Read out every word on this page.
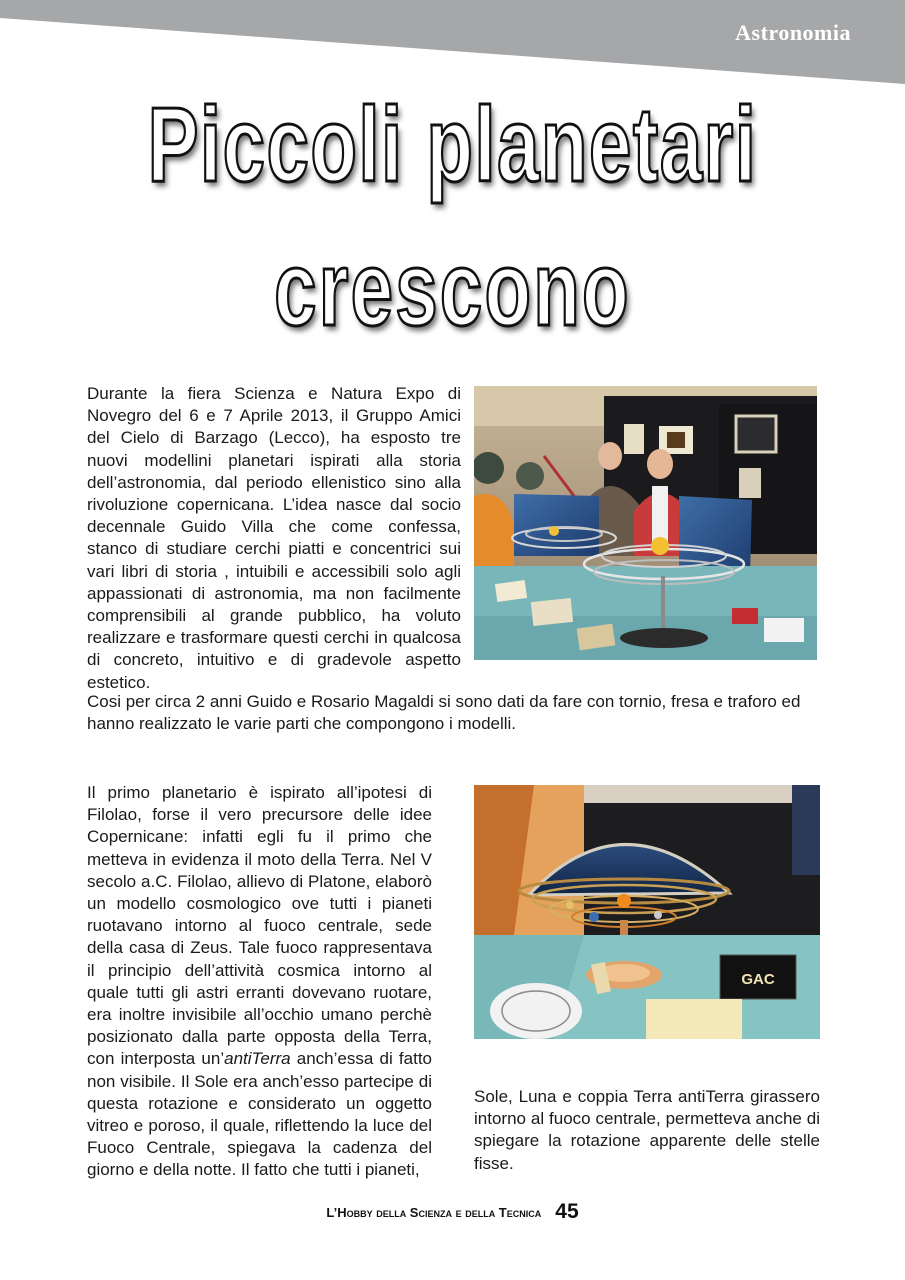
Astronomia
Piccoli planetari
crescono

Durante la fiera Scienza e Natura Expo di Novegro del 6 e 7 Aprile 2013, il Gruppo Amici del Cielo di Barzago (Lecco), ha esposto tre nuovi modellini planetari ispirati alla storia dell’astronomia, dal periodo ellenistico sino alla rivoluzione copernicana. L’idea nasce dal socio decennale Guido Villa che come confessa, stanco di studiare cerchi piatti e concentrici sui vari libri di storia , intuibili e accessibili solo agli appassionati di astronomia, ma non facilmente comprensibili al grande pubblico, ha voluto realizzare e trasformare questi cerchi in qualcosa di concreto, intuitivo e di gradevole aspetto estetico.

Cosi per circa 2 anni Guido e Rosario Magaldi si sono dati da fare con tornio, fresa e traforo ed hanno realizzato le varie parti che compongono i modelli.

Il primo planetario è ispirato all’ipotesi di Filolao, forse il vero precursore delle idee Copernicane: infatti egli fu il primo che metteva in evidenza il moto della Terra. Nel V secolo a.C. Filolao, allievo di Platone, elaborò un modello cosmologico ove tutti i pianeti ruotavano intorno al fuoco centrale, sede della casa di Zeus. Tale fuoco rappresentava il principio dell’attività cosmica intorno al quale tutti gli astri erranti dovevano ruotare, era inoltre invisibile all’occhio umano perchè posizionato dalla parte opposta della Terra, con interposta un’antiTerra anch’essa di fatto non visibile. Il Sole era anch’esso partecipe di questa rotazione e considerato un oggetto vitreo e poroso, il quale, riflettendo la luce del Fuoco Centrale, spiegava la cadenza del giorno e della notte. Il fatto che tutti i pianeti,

Sole, Luna e coppia Terra antiTerra girassero intorno al fuoco centrale, permetteva anche di spiegare la rotazione apparente delle stelle fisse.

GAC
L’Hobby della Scienza e della Tecnica 45
